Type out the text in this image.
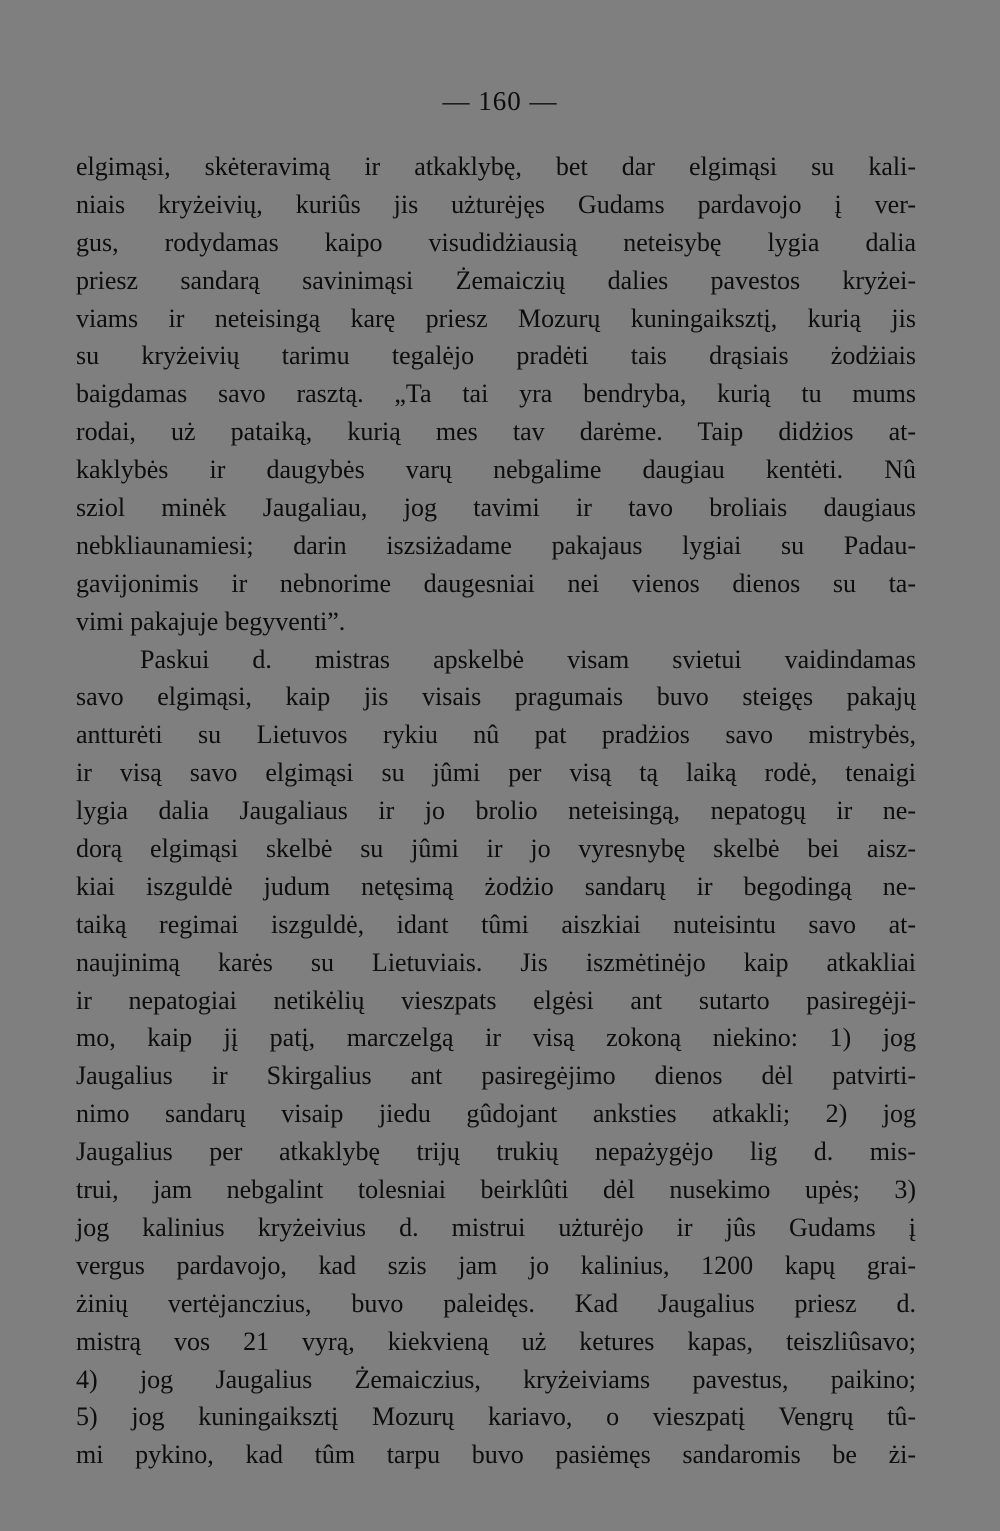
— 160 —
elgimąsi, skėteravimą ir atkaklybę, bet dar elgimąsi su kali-
niais kryżeivių, kuriûs jis użturėjęs Gudams pardavojo į ver-
gus, rodydamas kaipo visudidżiausią neteisybę lygia dalia
priesz sandarą savinimąsi Żemaiczių dalies pavestos kryżei-
viams ir neteisingą karę priesz Mozurų kuningaiksztį, kurią jis
su kryżeivių tarimu tegalėjo pradėti tais drąsiais żodżiais
baigdamas savo rasztą. „Ta tai yra bendryba, kurią tu mums
rodai, uż pataiką, kurią mes tav darėme. Taip didżios at-
kaklybės ir daugybės varų nebgalime daugiau kentėti. Nû
sziol minėk Jaugaliau, jog tavimi ir tavo broliais daugiaus
nebkliaunamiesi; darin iszsiżadame pakajaus lygiai su Padau-
gavijonimis ir nebnorime daugesniai nei vienos dienos su ta-
vimi pakajuje begyventi”.
Paskui d. mistras apskelbė visam svietui vaidindamas
savo elgimąsi, kaip jis visais pragumais buvo steigęs pakajų
antturėti su Lietuvos rykiu nû pat pradżios savo mistrybės,
ir visą savo elgimąsi su jûmi per visą tą laiką rodė, tenaigi
lygia dalia Jaugaliaus ir jo brolio neteisingą, nepatogų ir ne-
dorą elgimąsi skelbė su jûmi ir jo vyresnybę skelbė bei aisz-
kiai iszguldė judum netęsimą żodżio sandarų ir begodingą ne-
taiką regimai iszguldė, idant tûmi aiszkiai nuteisintu savo at-
naujinimą karės su Lietuviais. Jis iszmėtinėjo kaip atkakliai
ir nepatogiai netikėlių vieszpats elgėsi ant sutarto pasiregėji-
mo, kaip jį patį, marczelgą ir visą zokoną niekino: 1) jog
Jaugalius ir Skirgalius ant pasiregėjimo dienos dėl patvirti-
nimo sandarų visaip jiedu gûdojant anksties atkakli; 2) jog
Jaugalius per atkaklybę trijų trukių nepażygėjo lig d. mis-
trui, jam nebgalint tolesniai beirklûti dėl nusekimo upės; 3)
jog kalinius kryżeivius d. mistrui użturėjo ir jûs Gudams į
vergus pardavojo, kad szis jam jo kalinius, 1200 kapų grai-
żinių vertėjanczius, buvo paleidęs. Kad Jaugalius priesz d.
mistrą vos 21 vyrą, kiekvieną uż ketures kapas, teiszliûsavo;
4) jog Jaugalius Żemaiczius, kryżeiviams pavestus, paikino;
5) jog kuningaiksztį Mozurų kariavo, o vieszpatį Vengrų tû-
mi pykino, kad tûm tarpu buvo pasiėmęs sandaromis be żi-
